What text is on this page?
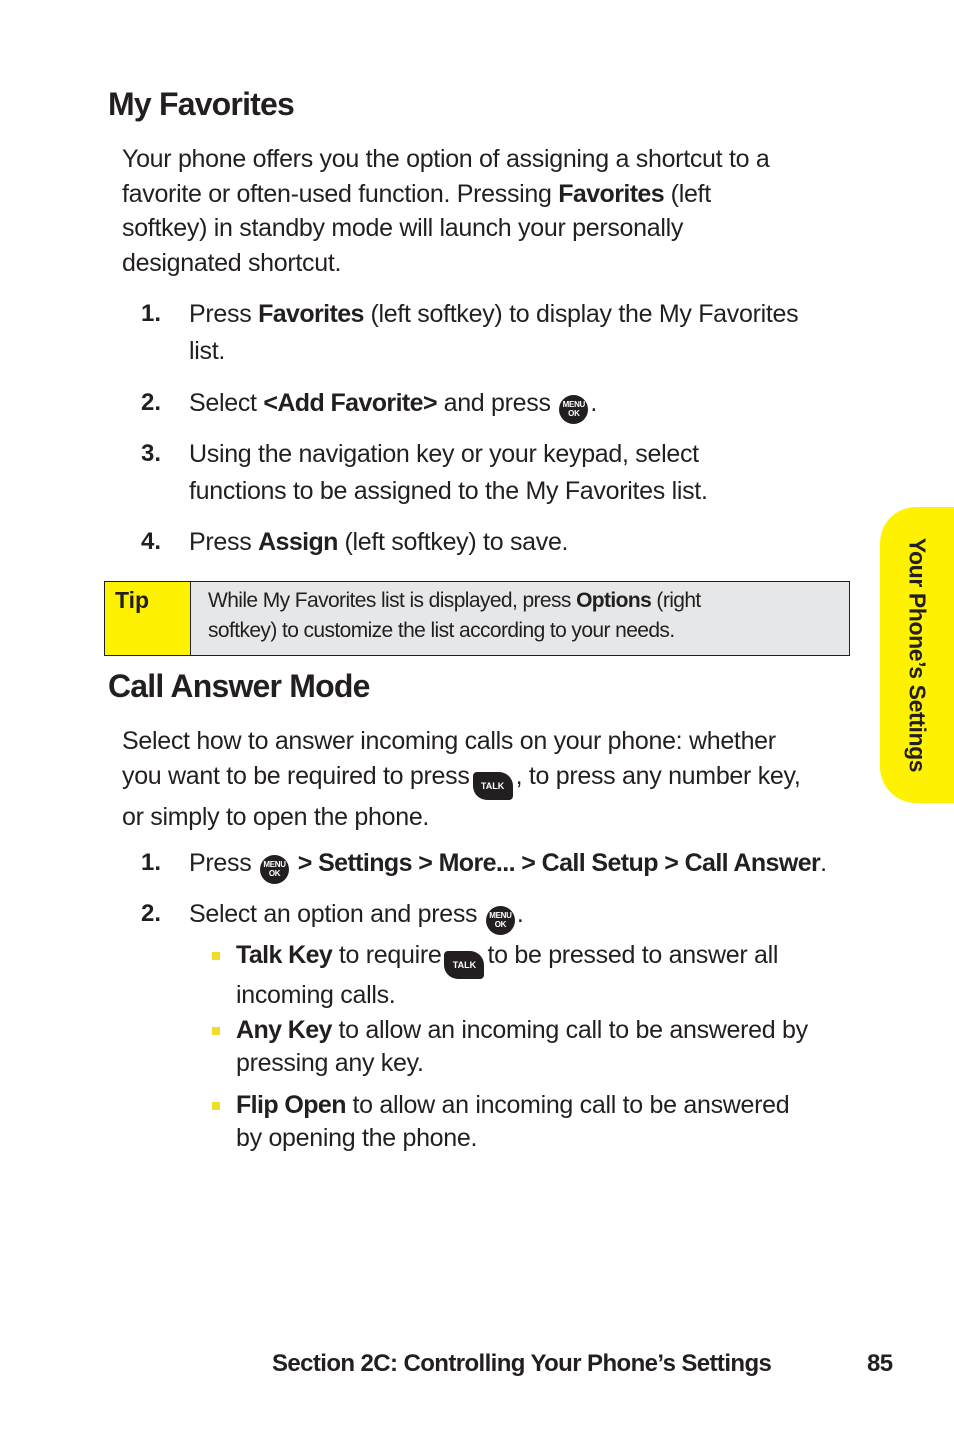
My Favorites
Your phone offers you the option of assigning a shortcut to a
favorite or often-used function. Pressing Favorites (left
softkey) in standby mode will launch your personally
designated shortcut.
1. Press Favorites (left softkey) to display the My Favorites
list.
2. Select <Add Favorite> and press MENU
OK .
3. Using the navigation key or your keypad, select
functions to be assigned to the My Favorites list.
4. Press Assign (left softkey) to save.
Tip	While My Favorites list is displayed, press Options (right
softkey) to customize the list according to your needs.
Call Answer Mode
Select how to answer incoming calls on your phone: whether
you want to be required to press TALK , to press any number key,
or simply to open the phone.
1. Press MENU
OK > Settings > More... > Call Setup > Call Answer.
2. Select an option and press MENU
OK .
Talk Key to require TALK to be pressed to answer all
incoming calls.
Any Key to allow an incoming call to be answered by
pressing any key.
Flip Open to allow an incoming call to be answered
by opening the phone.
Your Phone’s Settings
Section 2C: Controlling Your Phone’s Settings	85
